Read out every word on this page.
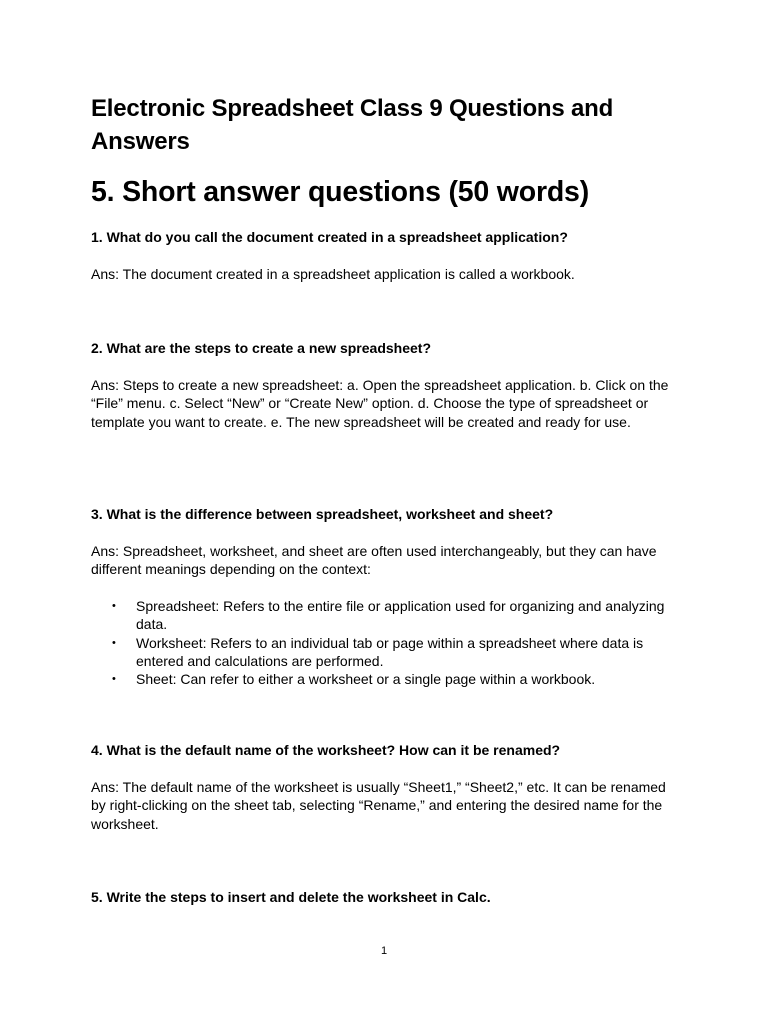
Electronic Spreadsheet Class 9 Questions and Answers
5. Short answer questions (50 words)

1. What do you call the document created in a spreadsheet application?

Ans: The document created in a spreadsheet application is called a workbook.

2. What are the steps to create a new spreadsheet?

Ans: Steps to create a new spreadsheet: a. Open the spreadsheet application. b. Click on the “File” menu. c. Select “New” or “Create New” option. d. Choose the type of spreadsheet or template you want to create. e. The new spreadsheet will be created and ready for use.

3. What is the difference between spreadsheet, worksheet and sheet?

Ans: Spreadsheet, worksheet, and sheet are often used interchangeably, but they can have different meanings depending on the context:

• Spreadsheet: Refers to the entire file or application used for organizing and analyzing data.
• Worksheet: Refers to an individual tab or page within a spreadsheet where data is entered and calculations are performed.
• Sheet: Can refer to either a worksheet or a single page within a workbook.

4. What is the default name of the worksheet? How can it be renamed?

Ans: The default name of the worksheet is usually “Sheet1,” “Sheet2,” etc. It can be renamed by right-clicking on the sheet tab, selecting “Rename,” and entering the desired name for the worksheet.

5. Write the steps to insert and delete the worksheet in Calc.

1
